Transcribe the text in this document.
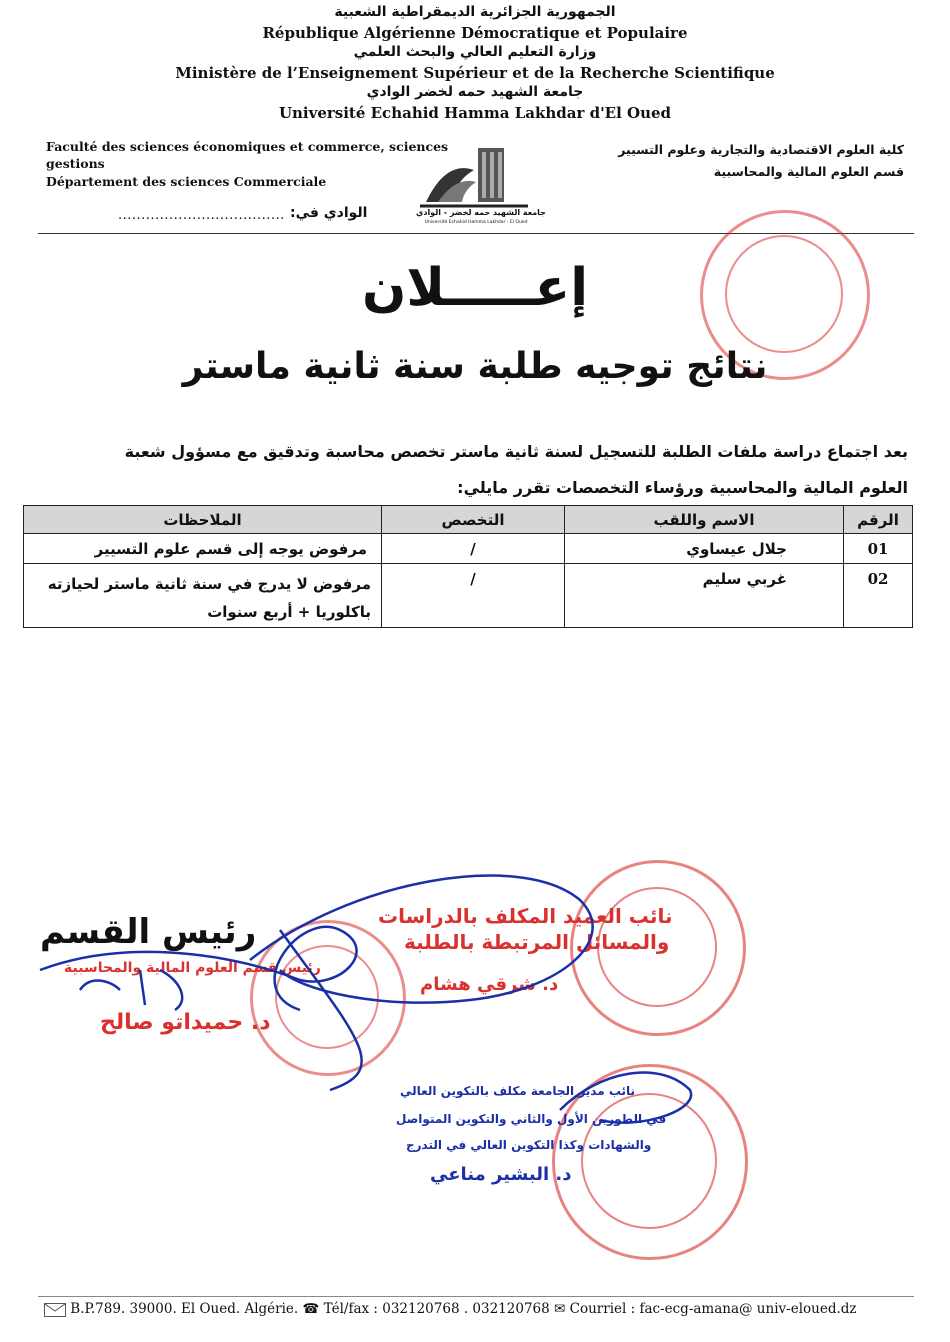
الجمهورية الجزائرية الديمقراطية الشعبية
République Algérienne Démocratique et Populaire
وزارة التعليم العالي والبحث العلمي
Ministère de l’Enseignement Supérieur et de la Recherche Scientifique
جامعة الشهيد حمه لخضر الوادي
Université Echahid Hamma Lakhdar d'El Oued
Faculté des sciences économiques et commerce, sciences
gestions
Département des sciences Commerciale
كلية العلوم الاقتصادية والتجارية وعلوم التسيير
قسم العلوم المالية والمحاسبية
جامعة الشهيد حمه لخضر - الوادي
Université Echahid Hamma Lakhdar - El Oued
الوادي في:
....................................
إعـــــلان
نتائج توجيه طلبة سنة ثانية ماستر
بعد اجتماع دراسة ملفات الطلبة للتسجيل لسنة ثانية ماستر تخصص محاسبة وتدقيق مع مسؤول شعبة
العلوم المالية والمحاسبية ورؤساء التخصصات تقرر مايلي:
الرقم	الاسم واللقب	التخصص	الملاحظات
01	جلال عيساوي	/	مرفوض يوجه إلى قسم علوم التسيير
02	غربي سليم	/	مرفوض لا يدرج في سنة ثانية ماستر لحيازته
باكلوريا + أربع سنوات
رئيس القسم
رئيس قسم العلوم المالية والمحاسبية
د. حميداتو صالح
نائب العميد المكلف بالدراسات
والمسائل المرتبطة بالطلبة
د. شرقي هشام
نائب مدير الجامعة مكلف بالتكوين العالي
في الطورين الأول والثاني والتكوين المتواصل
والشهادات وكذا التكوين العالي في التدرج
د. البشير مناعي
B.P.789. 39000. El Oued. Algérie. ☎ Tél/fax : 032120768 . 032120768 ✉ Courriel : fac-ecg-amana@ univ-eloued.dz
